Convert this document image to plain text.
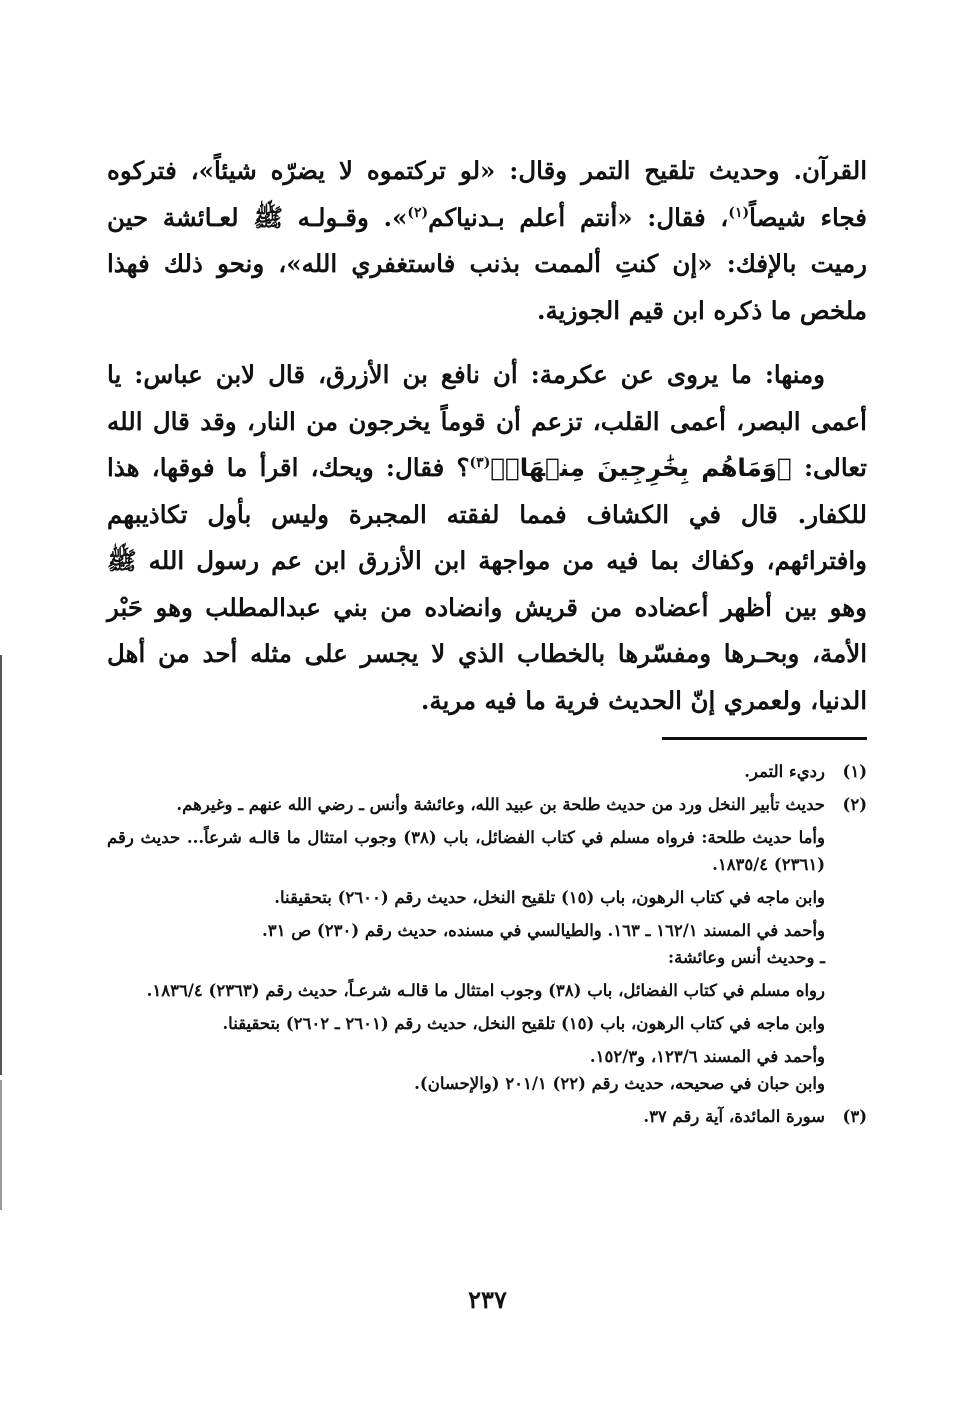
القرآن. وحديث تلقيح التمر وقال: «لو تركتموه لا يضرّه شيئاً»، فتركوه فجاء شيصاً$^{(١)}$، فقال: «أنتم أعلم بـدنياكم$^{(٢)}$». وقـولـه ﷺ لعـائشة حين رميت بالإفك: «إن كنتِ ألممت بذنب فاستغفري الله»، ونحو ذلك فهذا ملخص ما ذكره ابن قيم الجوزية.

ومنها: ما يروى عن عكرمة: أن نافع بن الأزرق، قال لابن عباس: يا أعمى البصر، أعمى القلب، تزعم أن قوماً يخرجون من النار، وقد قال الله تعالى: ﴿وَمَاهُم بِخَٰرِجِينَ مِنۡهَاۖ﴾$^{(٣)}$؟ فقال: ويحك، اقرأ ما فوقها، هذا للكفار. قال في الكشاف فمما لفقته المجبرة وليس بأول تكاذيبهم وافترائهم، وكفاك بما فيه من مواجهة ابن الأزرق ابن عم رسول الله ﷺ وهو بين أظهر أعضاده من قريش وانضاده من بني عبدالمطلب وهو حَبْر الأمة، وبحـرها ومفسّرها بالخطاب الذي لا يجسر على مثله أحد من أهل الدنيا، ولعمري إنّ الحديث فرية ما فيه مرية.

(١)
رديء التمر.
(٢)
حديث تأبير النخل ورد من حديث طلحة بن عبيد الله، وعائشة وأنس ـ رضي الله عنهم ـ وغيرهم.
وأما حديث طلحة: فرواه مسلم في كتاب الفضائل، باب (٣٨) وجوب امتثال ما قالـه شرعاً... حديث رقم (٢٣٦١) ١٨٣٥/٤.
وابن ماجه في كتاب الرهون، باب (١٥) تلقيح النخل، حديث رقم (٢٦٠٠) بتحقيقنا.
وأحمد في المسند ١٦٢/١ ـ ١٦٣. والطيالسي في مسنده، حديث رقم (٢٣٠) ص ٣١.
ـ وحديث أنس وعائشة:
رواه مسلم في كتاب الفضائل، باب (٣٨) وجوب امتثال ما قالـه شرعـاً، حديث رقم (٢٣٦٣) ١٨٣٦/٤.
وابن ماجه في كتاب الرهون، باب (١٥) تلقيح النخل، حديث رقم (٢٦٠١ ـ ٢٦٠٢) بتحقيقنا.
وأحمد في المسند ١٢٣/٦، و١٥٢/٣.
وابن حبان في صحيحه، حديث رقم (٢٢) ٢٠١/١ (والإحسان).
(٣)
سورة المائدة، آية رقم ٣٧.
٢٣٧
